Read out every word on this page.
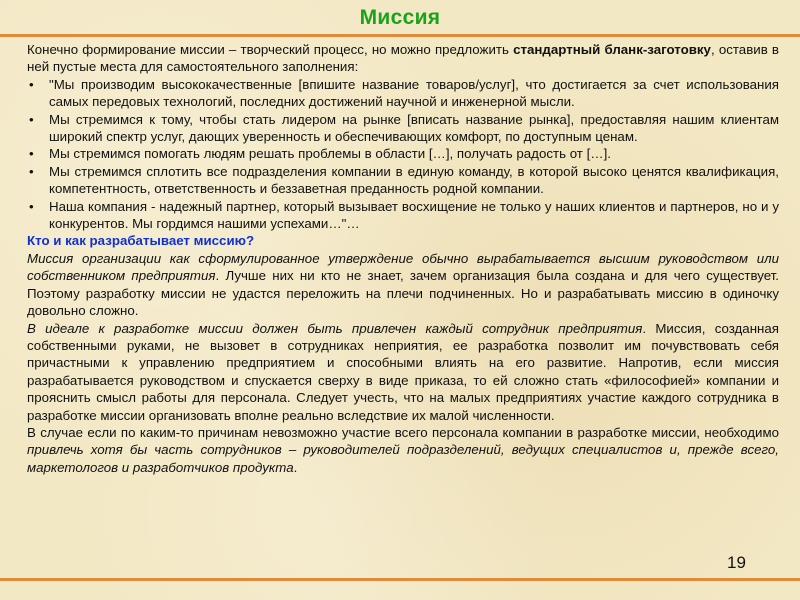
Миссия

Конечно формирование миссии – творческий процесс, но можно предложить стандартный бланк-заготовку, оставив в ней пустые места для самостоятельного заполнения:

• "Мы производим высококачественные [впишите название товаров/услуг], что достигается за счет использования самых передовых технологий, последних достижений научной и инженерной мысли.
• Мы стремимся к тому, чтобы стать лидером на рынке [вписать название рынка], предоставляя нашим клиентам широкий спектр услуг, дающих уверенность и обеспечивающих комфорт, по доступным ценам.
• Мы стремимся помогать людям решать проблемы в области […], получать радость от […].
• Мы стремимся сплотить все подразделения компании в единую команду, в которой высоко ценятся квалификация, компетентность, ответственность и беззаветная преданность родной компании.
• Наша компания - надежный партнер, который вызывает восхищение не только у наших клиентов и партнеров, но и у конкурентов. Мы гордимся нашими успехами…"…

Кто и как разрабатывает миссию?

Миссия организации как сформулированное утверждение обычно вырабатывается высшим руководством или собственником предприятия. Лучше них ни кто не знает, зачем организация была создана и для чего существует. Поэтому разработку миссии не удастся переложить на плечи подчиненных. Но и разрабатывать миссию в одиночку довольно сложно.

В идеале к разработке миссии должен быть привлечен каждый сотрудник предприятия. Миссия, созданная собственными руками, не вызовет в сотрудниках неприятия, ее разработка позволит им почувствовать себя причастными к управлению предприятием и способными влиять на его развитие. Напротив, если миссия разрабатывается руководством и спускается сверху в виде приказа, то ей сложно стать «философией» компании и прояснить смысл работы для персонала. Следует учесть, что на малых предприятиях участие каждого сотрудника в разработке миссии организовать вполне реально вследствие их малой численности.

В случае если по каким-то причинам невозможно участие всего персонала компании в разработке миссии, необходимо привлечь хотя бы часть сотрудников – руководителей подразделений, ведущих специалистов и, прежде всего, маркетологов и разработчиков продукта.

19
